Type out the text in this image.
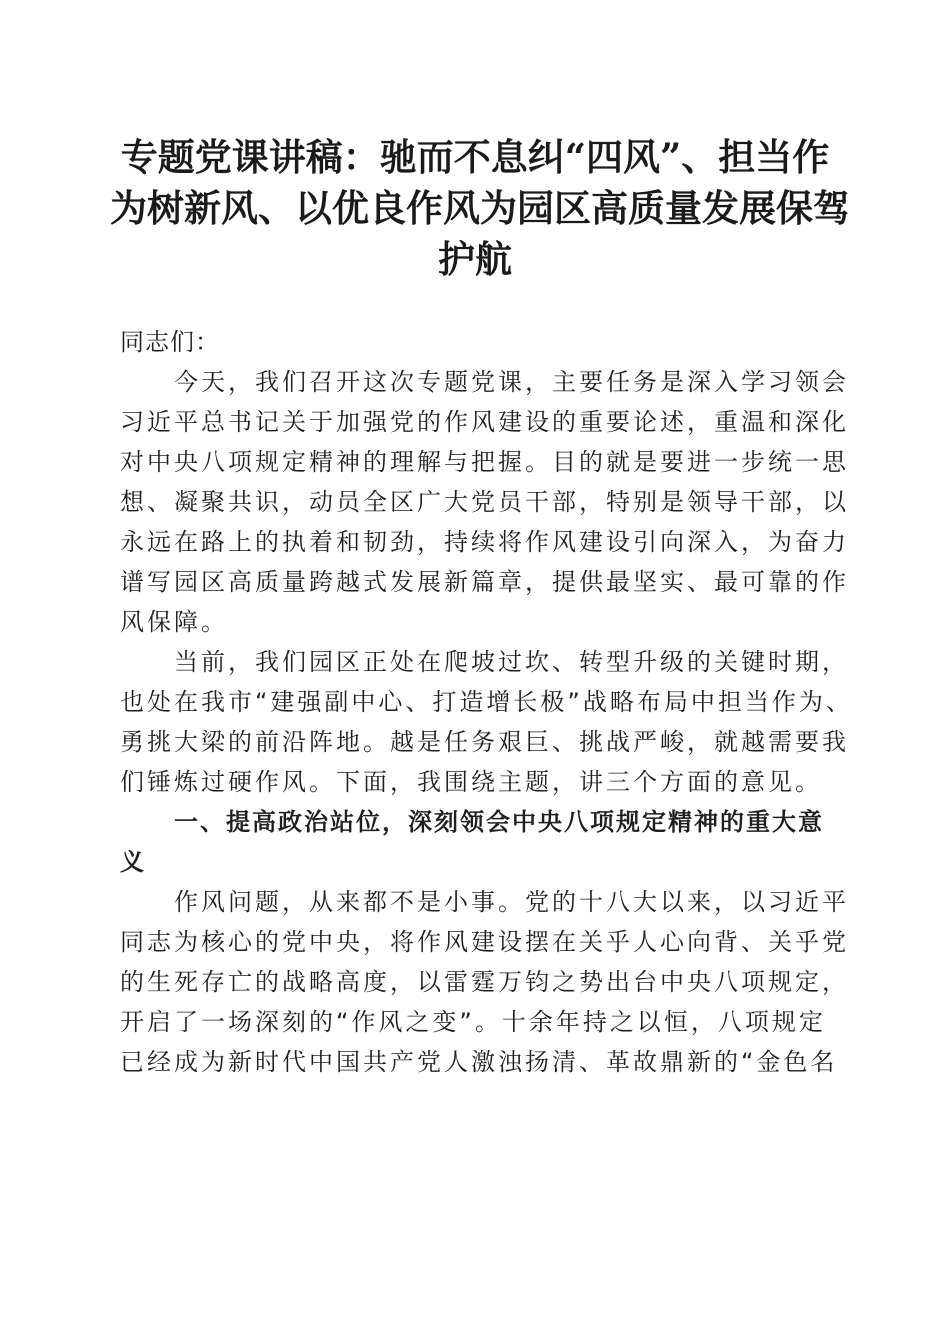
专题党课讲稿：驰而不息纠“四风”、担当作
为树新风、以优良作风为园区高质量发展保驾
护航

同志们：

今天，我们召开这次专题党课，主要任务是深入学习领会
习近平总书记关于加强党的作风建设的重要论述，重温和深化
对中央八项规定精神的理解与把握。目的就是要进一步统一思
想、凝聚共识，动员全区广大党员干部，特别是领导干部，以
永远在路上的执着和韧劲，持续将作风建设引向深入，为奋力
谱写园区高质量跨越式发展新篇章，提供最坚实、最可靠的作
风保障。

当前，我们园区正处在爬坡过坎、转型升级的关键时期，
也处在我市“建强副中心、打造增长极”战略布局中担当作为、
勇挑大梁的前沿阵地。越是任务艰巨、挑战严峻，就越需要我
们锤炼过硬作风。下面，我围绕主题，讲三个方面的意见。

一、提高政治站位，深刻领会中央八项规定精神的重大意
义

作风问题，从来都不是小事。党的十八大以来，以习近平
同志为核心的党中央，将作风建设摆在关乎人心向背、关乎党
的生死存亡的战略高度，以雷霆万钧之势出台中央八项规定，
开启了一场深刻的“作风之变”。十余年持之以恒，八项规定
已经成为新时代中国共产党人激浊扬清、革故鼎新的“金色名
